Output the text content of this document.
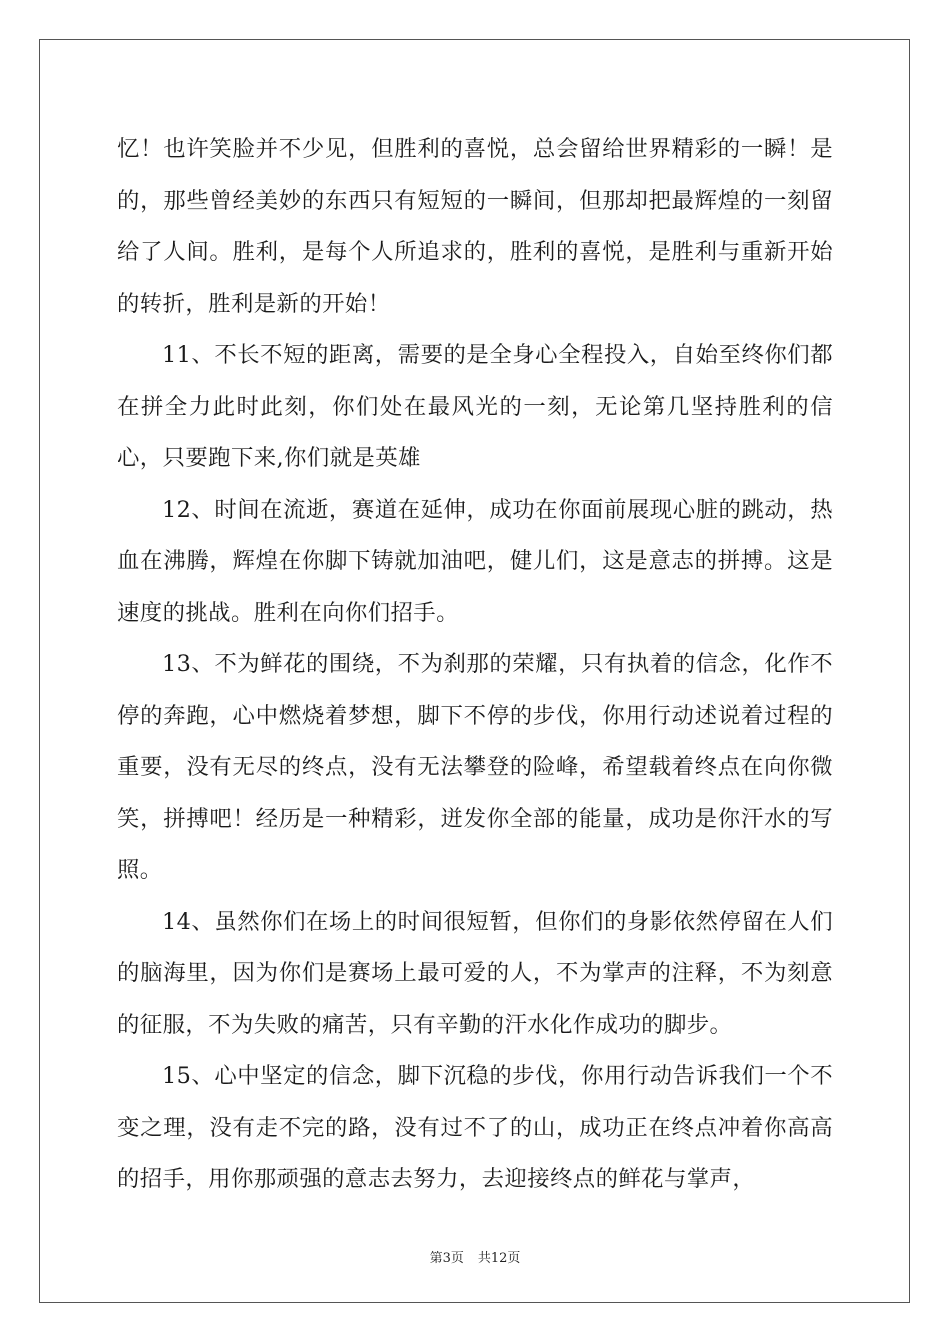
忆！也许笑脸并不少见，但胜利的喜悦，总会留给世界精彩的一瞬！是的，那些曾经美妙的东西只有短短的一瞬间，但那却把最辉煌的一刻留给了人间。胜利，是每个人所追求的，胜利的喜悦，是胜利与重新开始的转折，胜利是新的开始！

11、不长不短的距离，需要的是全身心全程投入，自始至终你们都在拼全力此时此刻，你们处在最风光的一刻，无论第几坚持胜利的信心，只要跑下来,你们就是英雄

12、时间在流逝，赛道在延伸，成功在你面前展现心脏的跳动，热血在沸腾，辉煌在你脚下铸就加油吧，健儿们，这是意志的拼搏。这是速度的挑战。胜利在向你们招手。

13、不为鲜花的围绕，不为刹那的荣耀，只有执着的信念，化作不停的奔跑，心中燃烧着梦想，脚下不停的步伐，你用行动述说着过程的重要，没有无尽的终点，没有无法攀登的险峰，希望载着终点在向你微笑，拼搏吧！经历是一种精彩，迸发你全部的能量，成功是你汗水的写照。

14、虽然你们在场上的时间很短暂，但你们的身影依然停留在人们的脑海里，因为你们是赛场上最可爱的人，不为掌声的注释，不为刻意的征服，不为失败的痛苦，只有辛勤的汗水化作成功的脚步。

15、心中坚定的信念，脚下沉稳的步伐，你用行动告诉我们一个不变之理，没有走不完的路，没有过不了的山，成功正在终点冲着你高高的招手，用你那顽强的意志去努力，去迎接终点的鲜花与掌声，

第3页 共12页
